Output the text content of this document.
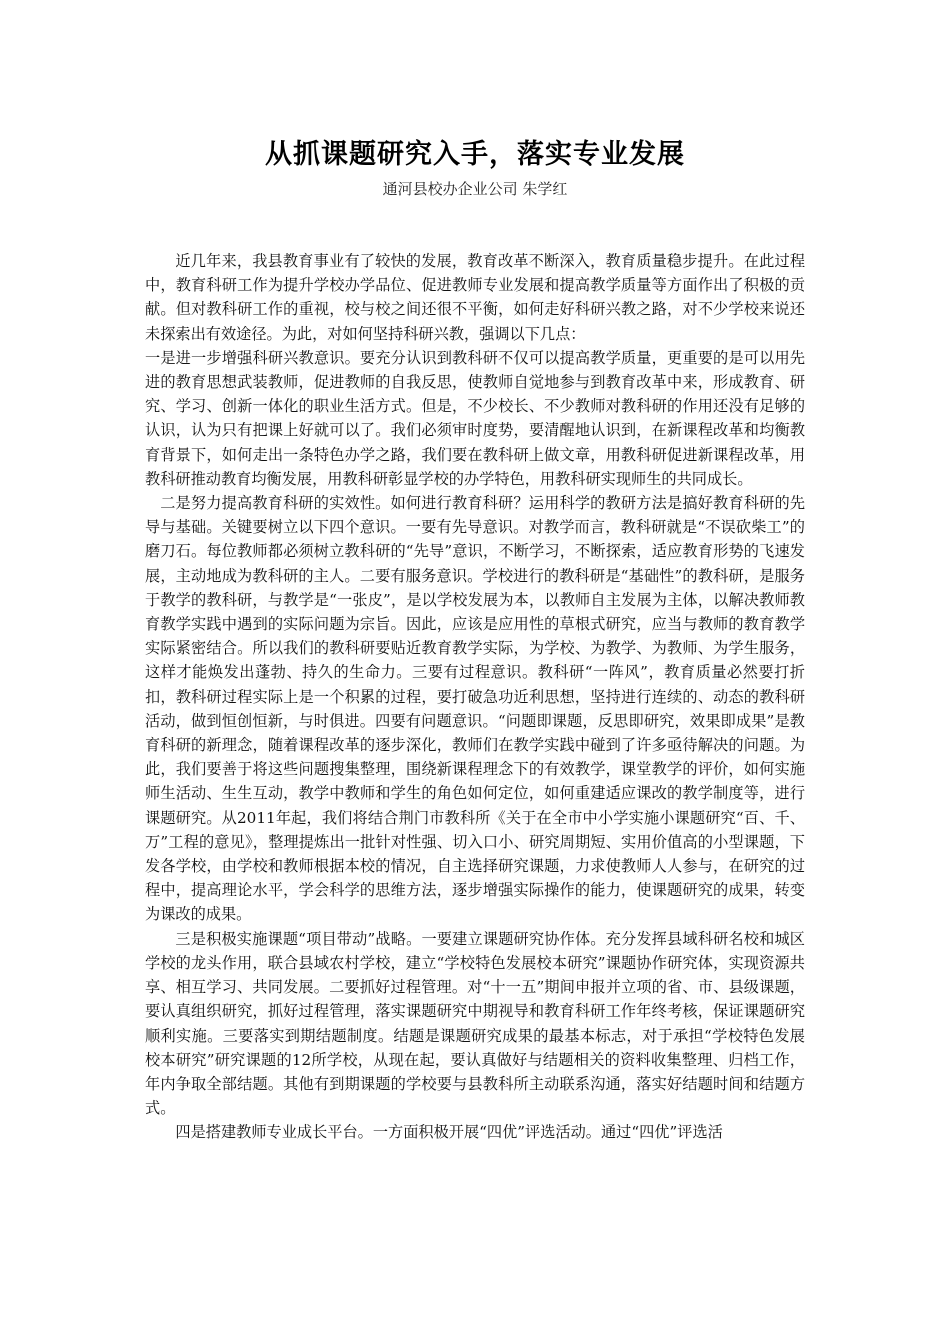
从抓课题研究入手，落实专业发展

通河县校办企业公司 朱学红

近几年来，我县教育事业有了较快的发展，教育改革不断深入，教育质量稳步提升。在此过程中，教育科研工作为提升学校办学品位、促进教师专业发展和提高教学质量等方面作出了积极的贡献。但对教科研工作的重视，校与校之间还很不平衡，如何走好科研兴教之路，对不少学校来说还未探索出有效途径。为此，对如何坚持科研兴教，强调以下几点：

一是进一步增强科研兴教意识。要充分认识到教科研不仅可以提高教学质量，更重要的是可以用先进的教育思想武装教师，促进教师的自我反思，使教师自觉地参与到教育改革中来，形成教育、研究、学习、创新一体化的职业生活方式。但是，不少校长、不少教师对教科研的作用还没有足够的认识，认为只有把课上好就可以了。我们必须审时度势，要清醒地认识到，在新课程改革和均衡教育背景下，如何走出一条特色办学之路，我们要在教科研上做文章，用教科研促进新课程改革，用教科研推动教育均衡发展，用教科研彰显学校的办学特色，用教科研实现师生的共同成长。

二是努力提高教育科研的实效性。如何进行教育科研？运用科学的教研方法是搞好教育科研的先导与基础。关键要树立以下四个意识。一要有先导意识。对教学而言，教科研就是“不误砍柴工”的磨刀石。每位教师都必须树立教科研的“先导”意识，不断学习，不断探索，适应教育形势的飞速发展，主动地成为教科研的主人。二要有服务意识。学校进行的教科研是“基础性”的教科研，是服务于教学的教科研，与教学是“一张皮”，是以学校发展为本，以教师自主发展为主体，以解决教师教育教学实践中遇到的实际问题为宗旨。因此，应该是应用性的草根式研究，应当与教师的教育教学实际紧密结合。所以我们的教科研要贴近教育教学实际，为学校、为教学、为教师、为学生服务，这样才能焕发出蓬勃、持久的生命力。三要有过程意识。教科研“一阵风”，教育质量必然要打折扣，教科研过程实际上是一个积累的过程，要打破急功近利思想，坚持进行连续的、动态的教科研活动，做到恒创恒新，与时俱进。四要有问题意识。“问题即课题，反思即研究，效果即成果”是教育科研的新理念，随着课程改革的逐步深化，教师们在教学实践中碰到了许多亟待解决的问题。为此，我们要善于将这些问题搜集整理，围绕新课程理念下的有效教学，课堂教学的评价，如何实施师生活动、生生互动，教学中教师和学生的角色如何定位，如何重建适应课改的教学制度等，进行课题研究。从2011年起，我们将结合荆门市教科所《关于在全市中小学实施小课题研究“百、千、万”工程的意见》，整理提炼出一批针对性强、切入口小、研究周期短、实用价值高的小型课题，下发各学校，由学校和教师根据本校的情况，自主选择研究课题，力求使教师人人参与，在研究的过程中，提高理论水平，学会科学的思维方法，逐步增强实际操作的能力，使课题研究的成果，转变为课改的成果。

三是积极实施课题“项目带动”战略。一要建立课题研究协作体。充分发挥县域科研名校和城区学校的龙头作用，联合县域农村学校，建立“学校特色发展校本研究”课题协作研究体，实现资源共享、相互学习、共同发展。二要抓好过程管理。对“十一五”期间申报并立项的省、市、县级课题，要认真组织研究，抓好过程管理，落实课题研究中期视导和教育科研工作年终考核，保证课题研究顺利实施。三要落实到期结题制度。结题是课题研究成果的最基本标志，对于承担“学校特色发展校本研究”研究课题的12所学校，从现在起，要认真做好与结题相关的资料收集整理、归档工作，年内争取全部结题。其他有到期课题的学校要与县教科所主动联系沟通，落实好结题时间和结题方式。

四是搭建教师专业成长平台。一方面积极开展“四优”评选活动。通过“四优”评选活
